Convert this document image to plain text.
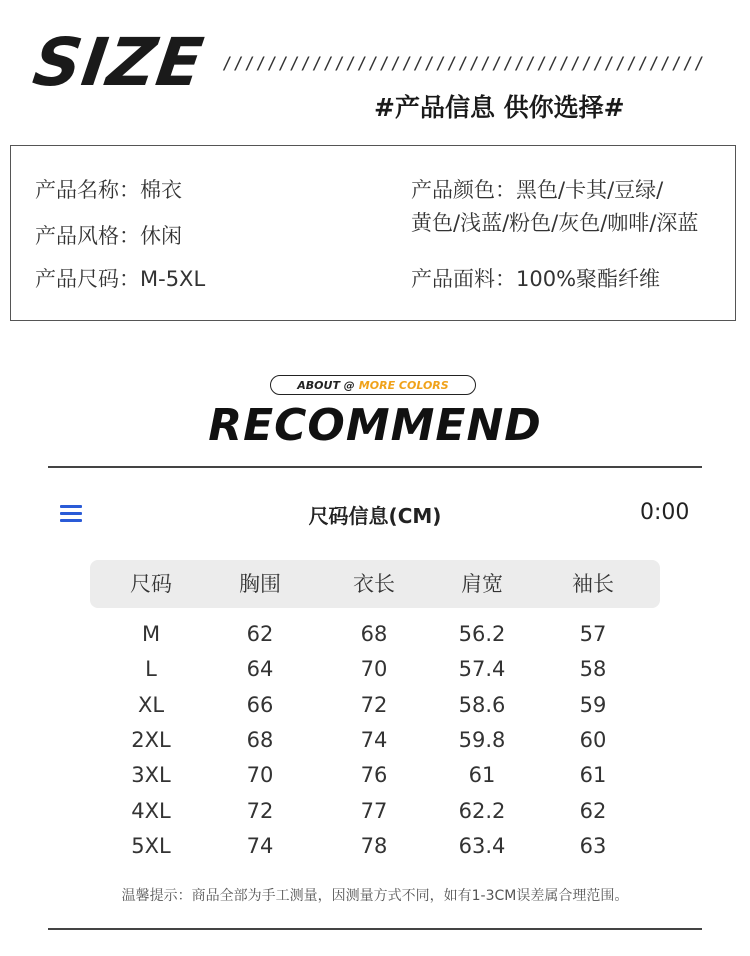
SIZE ///////////////////////////////////////////
#产品信息 供你选择#
产品名称：棉衣
产品风格：休闲
产品尺码：M-5XL
产品颜色：黑色/卡其/豆绿/
黄色/浅蓝/粉色/灰色/咖啡/深蓝
产品面料：100%聚酯纤维
ABOUT @ MORE COLORS
RECOMMEND
尺码信息(CM)	0:00
尺码	胸围	衣长	肩宽	袖长
M	62	68	56.2	57
L	64	70	57.4	58
XL	66	72	58.6	59
2XL	68	74	59.8	60
3XL	70	76	61	61
4XL	72	77	62.2	62
5XL	74	78	63.4	63
温馨提示：商品全部为手工测量，因测量方式不同，如有1-3CM误差属合理范围。
